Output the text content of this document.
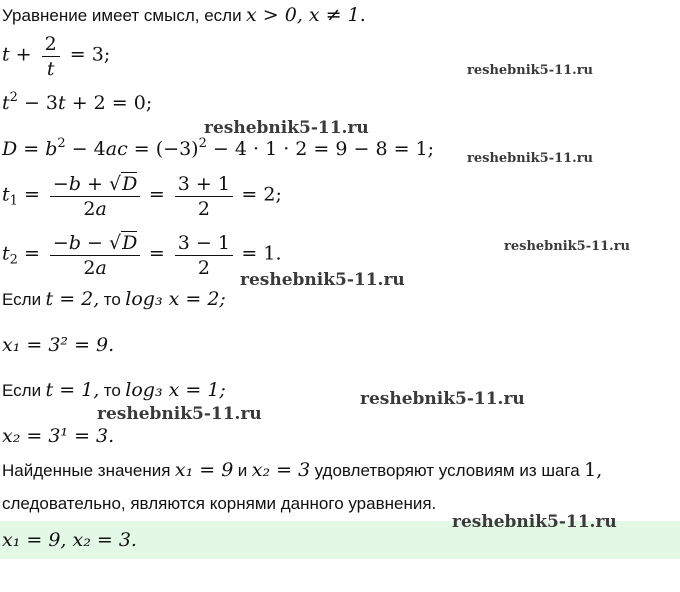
Уравнение имеет смысл, если x > 0, x ≠ 1.
$t + \frac{2}{t} = 3$;
$t^2 - 3t + 2 = 0$;
$D = b^2 - 4ac = (-3)^2 - 4 \cdot 1 \cdot 2 = 9 - 8 = 1$;
$t_1 = \frac{-b + √D}{2a} = \frac{3 + 1}{2} = 2$;
$t_2 = \frac{-b - √D}{2a} = \frac{3 - 1}{2} = 1$.
Если t = 2, то log₃ x = 2;
x₁ = 3² = 9.
Если t = 1, то log₃ x = 1;
x₂ = 3¹ = 3.
Найденные значения x₁ = 9 и x₂ = 3 удовлетворяют условиям из шага 1,
следовательно, являются корнями данного уравнения.
x₁ = 9, x₂ = 3.
reshebnik5-11.ru
reshebnik5-11.ru
reshebnik5-11.ru
reshebnik5-11.ru
reshebnik5-11.ru
reshebnik5-11.ru
reshebnik5-11.ru
reshebnik5-11.ru
